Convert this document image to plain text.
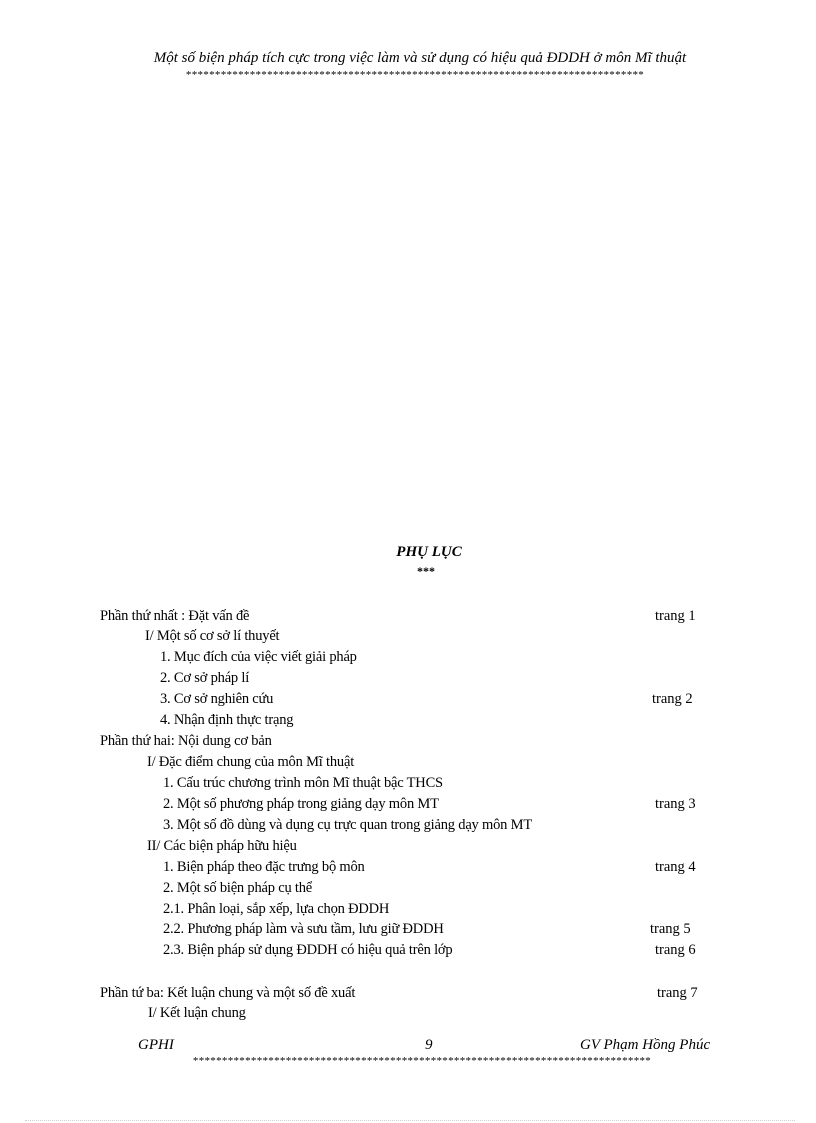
Một số biện pháp tích cực trong việc làm và sử dụng có hiệu quả ĐDDH ở môn Mĩ thuật
*******************************************************************************
PHỤ LỤC
***
Phần thứ nhất : Đặt vấn đề	trang 1
I/ Một số cơ sở lí thuyết
1. Mục đích của việc viết giải pháp
2. Cơ sở pháp lí
3. Cơ sở nghiên cứu	trang 2
4. Nhận định thực trạng
Phần thứ hai: Nội dung cơ bản
I/ Đặc điểm chung của môn Mĩ thuật
1. Cấu trúc chương trình môn Mĩ thuật bậc THCS
2. Một số phương pháp trong giảng dạy môn MT	trang 3
3. Một số đồ dùng và dụng cụ trực quan trong giảng dạy môn MT
II/ Các biện pháp hữu hiệu
1. Biện pháp theo đặc trưng bộ môn	trang 4
2. Một số biện pháp cụ thể
2.1. Phân loại, sắp xếp, lựa chọn ĐDDH
2.2. Phương pháp làm và sưu tầm, lưu giữ ĐDDH	trang 5
2.3. Biện pháp sử dụng ĐDDH có hiệu quả trên lớp	trang 6
Phần tứ ba: Kết luận chung và một số đề xuất	trang 7
I/ Kết luận chung
GPHI	9	GV Phạm Hồng Phúc
*******************************************************************************
